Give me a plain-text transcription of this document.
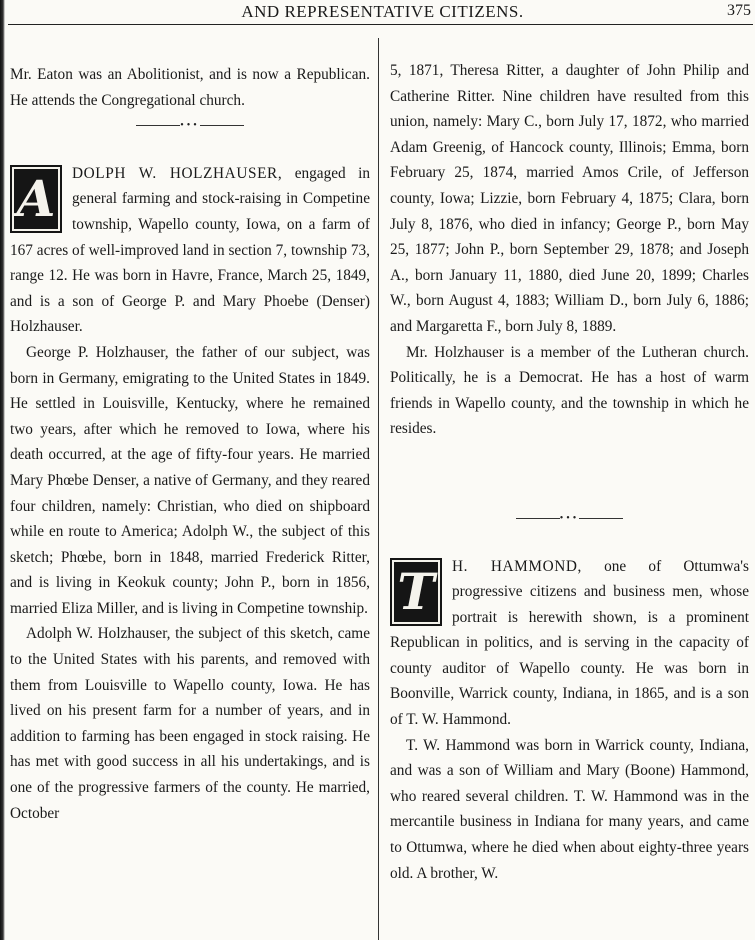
AND REPRESENTATIVE CITIZENS.	375

Mr. Eaton was an Abolitionist, and is now a Republican. He attends the Congregational church.

•••

A	DOLPH W. HOLZHAUSER, engaged in general farming and stock-raising in Competine township, Wapello county, Iowa, on a farm of 167 acres of well-improved land in section 7, township 73, range 12. He was born in Havre, France, March 25, 1849, and is a son of George P. and Mary Phoebe (Denser) Holzhauser.

George P. Holzhauser, the father of our subject, was born in Germany, emigrating to the United States in 1849. He settled in Louisville, Kentucky, where he remained two years, after which he removed to Iowa, where his death occurred, at the age of fifty-four years. He married Mary Phœbe Denser, a native of Germany, and they reared four children, namely: Christian, who died on shipboard while en route to America; Adolph W., the subject of this sketch; Phœbe, born in 1848, married Frederick Ritter, and is living in Keokuk county; John P., born in 1856, married Eliza Miller, and is living in Competine township.

Adolph W. Holzhauser, the subject of this sketch, came to the United States with his parents, and removed with them from Louisville to Wapello county, Iowa. He has lived on his present farm for a number of years, and in addition to farming has been engaged in stock raising. He has met with good success in all his undertakings, and is one of the progressive farmers of the county. He married, October

5, 1871, Theresa Ritter, a daughter of John Philip and Catherine Ritter. Nine children have resulted from this union, namely: Mary C., born July 17, 1872, who married Adam Greenig, of Hancock county, Illinois; Emma, born February 25, 1874, married Amos Crile, of Jefferson county, Iowa; Lizzie, born February 4, 1875; Clara, born July 8, 1876, who died in infancy; George P., born May 25, 1877; John P., born September 29, 1878; and Joseph A., born January 11, 1880, died June 20, 1899; Charles W., born August 4, 1883; William D., born July 6, 1886; and Margaretta F., born July 8, 1889.

Mr. Holzhauser is a member of the Lutheran church. Politically, he is a Democrat. He has a host of warm friends in Wapello county, and the township in which he resides.

•••

T	H. HAMMOND, one of Ottumwa's progressive citizens and business men, whose portrait is herewith shown, is a prominent Republican in politics, and is serving in the capacity of county auditor of Wapello county. He was born in Boonville, Warrick county, Indiana, in 1865, and is a son of T. W. Hammond.

T. W. Hammond was born in Warrick county, Indiana, and was a son of William and Mary (Boone) Hammond, who reared several children. T. W. Hammond was in the mercantile business in Indiana for many years, and came to Ottumwa, where he died when about eighty-three years old. A brother, W.
